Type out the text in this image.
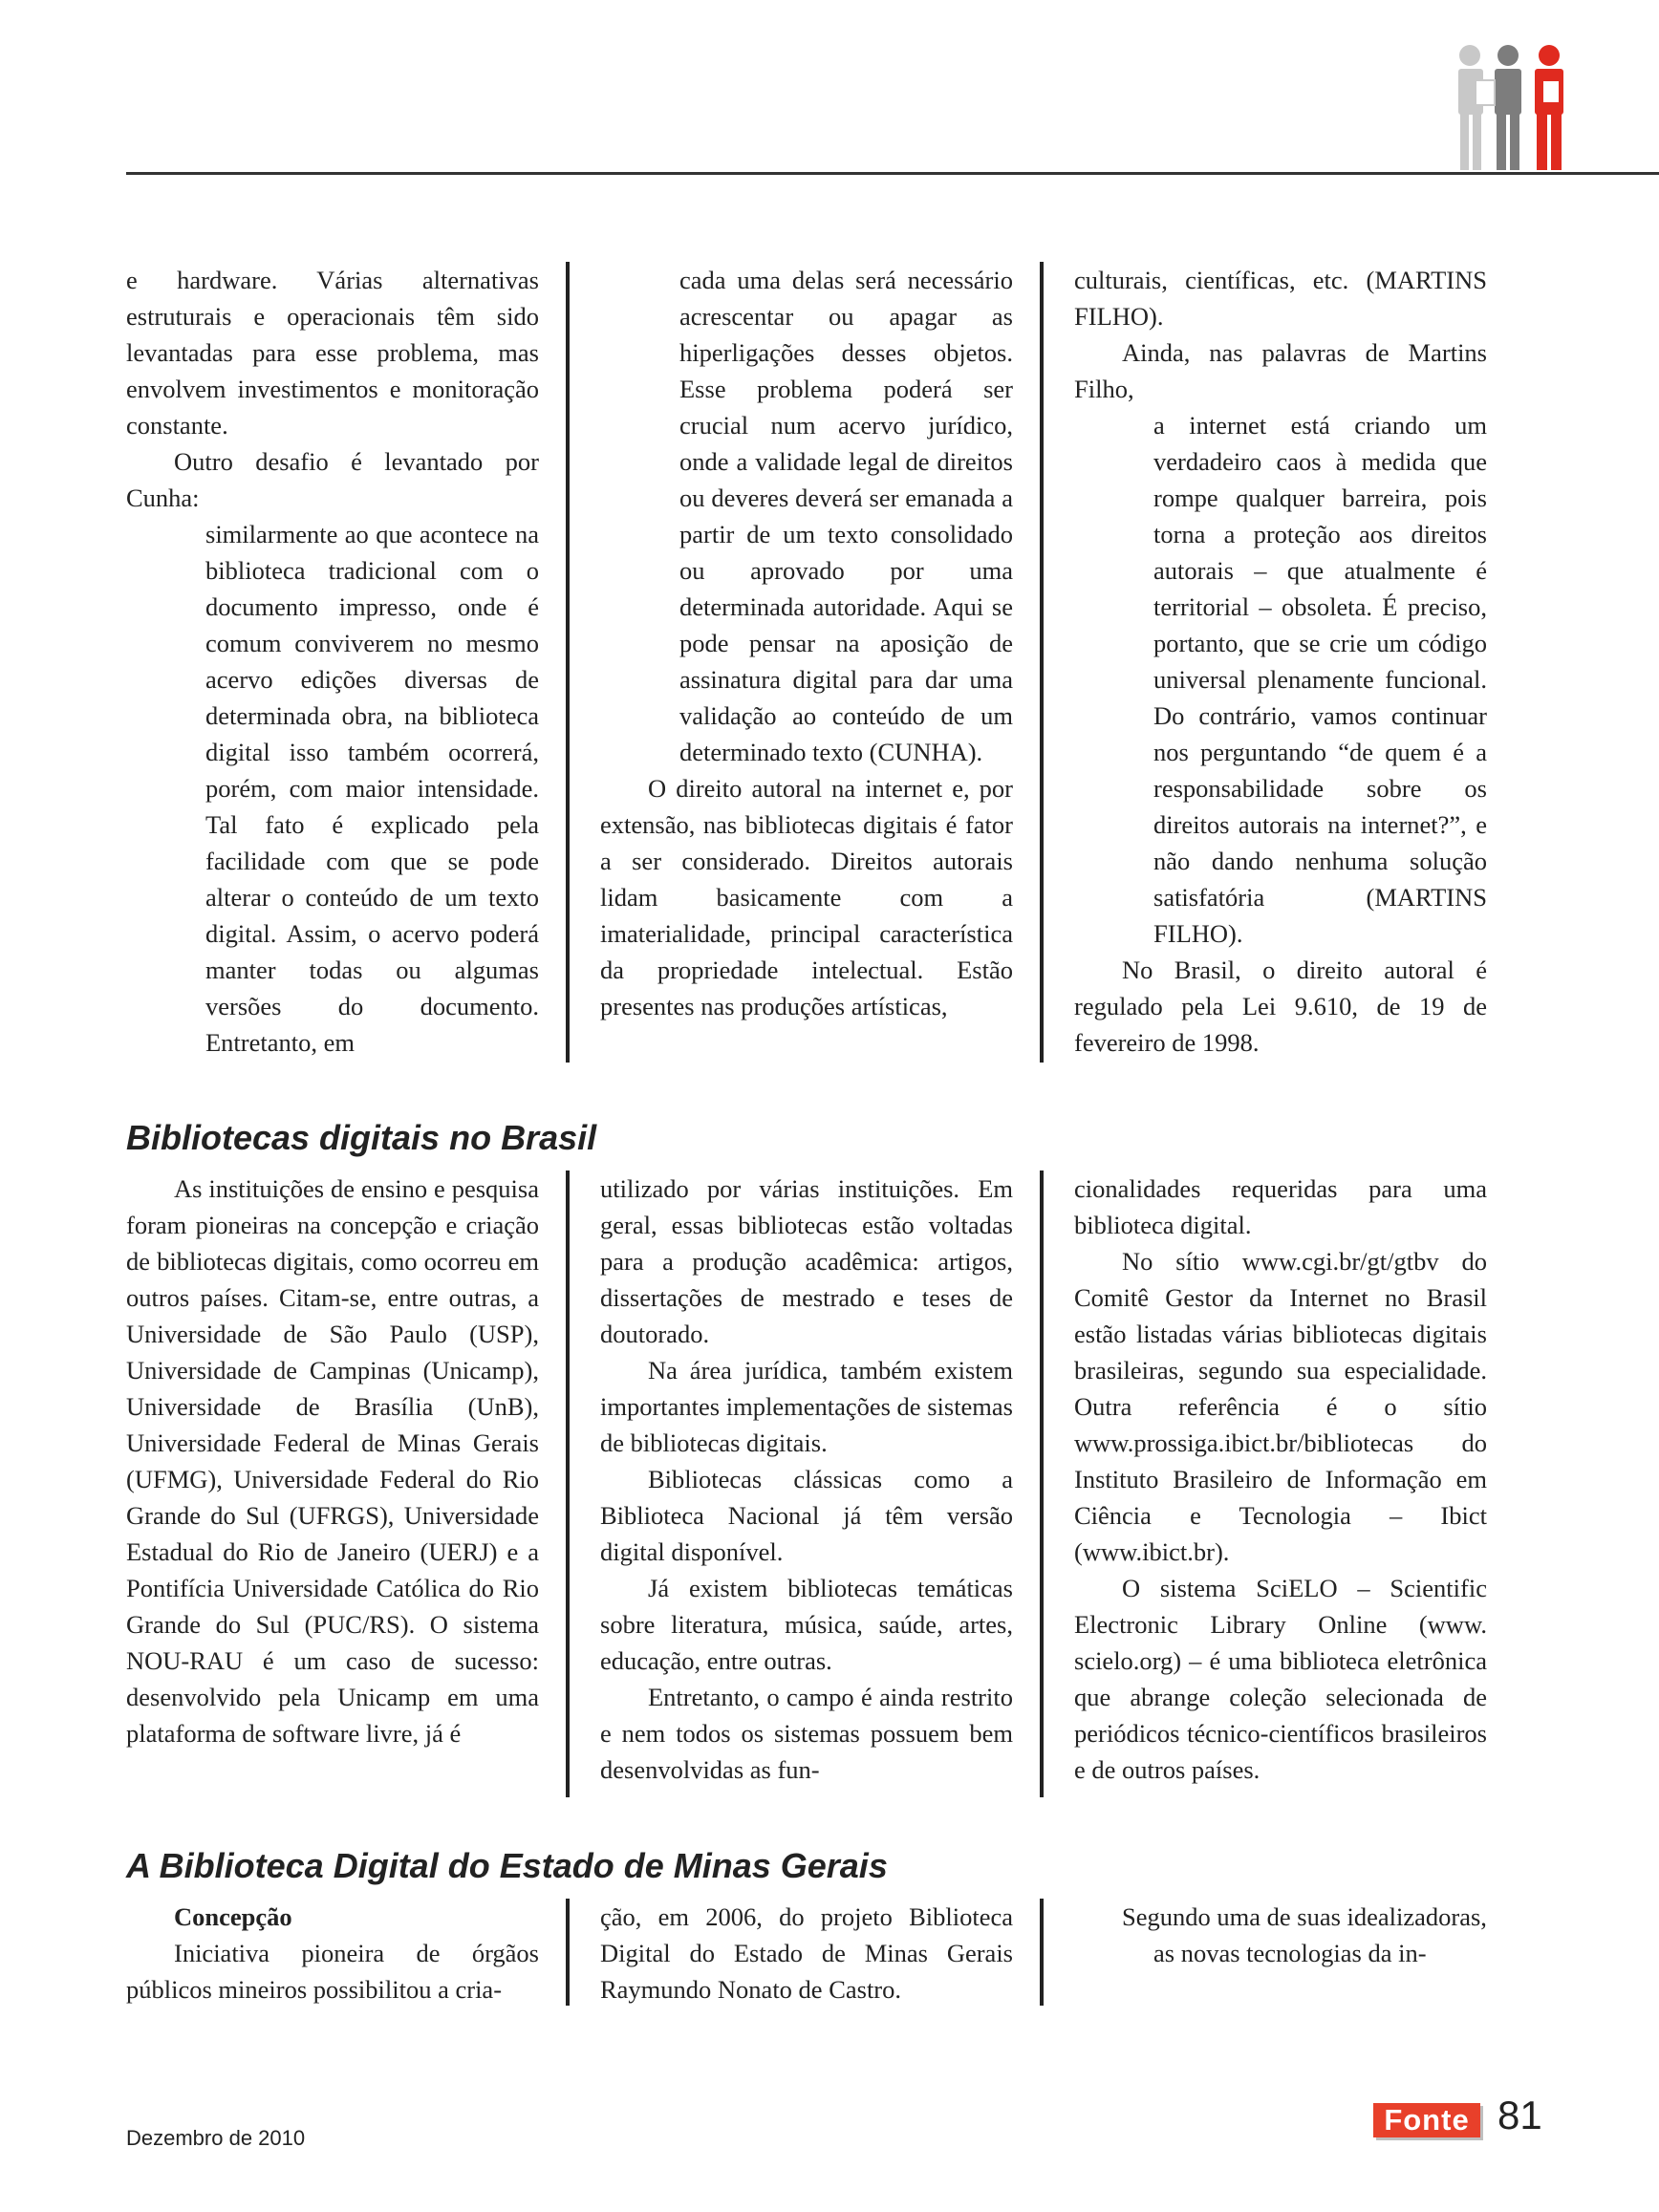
e hardware. Várias alternativas estruturais e operacionais têm sido levantadas para esse problema, mas envolvem investimentos e monitoração constante.

Outro desafio é levantado por Cunha:

similarmente ao que acontece na biblioteca tradicional com o documento impresso, onde é comum conviverem no mesmo acervo edições diversas de determinada obra, na biblioteca digital isso também ocorrerá, porém, com maior intensidade. Tal fato é explicado pela facilidade com que se pode alterar o conteúdo de um texto digital. Assim, o acervo poderá manter todas ou algumas versões do documento. Entretanto, em

cada uma delas será necessário acrescentar ou apagar as hiperligações desses objetos. Esse problema poderá ser crucial num acervo jurídico, onde a validade legal de direitos ou deveres deverá ser emanada a partir de um texto consolidado ou aprovado por uma determinada autoridade. Aqui se pode pensar na aposição de assinatura digital para dar uma validação ao conteúdo de um determinado texto (CUNHA).

O direito autoral na internet e, por extensão, nas bibliotecas digitais é fator a ser considerado. Direitos autorais lidam basicamente com a imaterialidade, principal característica da propriedade intelectual. Estão presentes nas produções artísticas,

culturais, científicas, etc. (MARTINS FILHO).

Ainda, nas palavras de Martins Filho,

a internet está criando um verdadeiro caos à medida que rompe qualquer barreira, pois torna a proteção aos direitos autorais – que atualmente é territorial – obsoleta. É preciso, portanto, que se crie um código universal plenamente funcional. Do contrário, vamos continuar nos perguntando “de quem é a responsabilidade sobre os direitos autorais na internet?”, e não dando nenhuma solução satisfatória (MARTINS FILHO).

No Brasil, o direito autoral é regulado pela Lei 9.610, de 19 de fevereiro de 1998.

Bibliotecas digitais no Brasil

As instituições de ensino e pesquisa foram pioneiras na concepção e criação de bibliotecas digitais, como ocorreu em outros países. Citam-se, entre outras, a Universidade de São Paulo (USP), Universidade de Campinas (Unicamp), Universidade de Brasília (UnB), Universidade Federal de Minas Gerais (UFMG), Universidade Federal do Rio Grande do Sul (UFRGS), Universidade Estadual do Rio de Janeiro (UERJ) e a Pontifícia Universidade Católica do Rio Grande do Sul (PUC/RS). O sistema NOU-RAU é um caso de sucesso: desenvolvido pela Unicamp em uma plataforma de software livre, já é

utilizado por várias instituições. Em geral, essas bibliotecas estão voltadas para a produção acadêmica: artigos, dissertações de mestrado e teses de doutorado.

Na área jurídica, também existem importantes implementações de sistemas de bibliotecas digitais.

Bibliotecas clássicas como a Biblioteca Nacional já têm versão digital disponível.

Já existem bibliotecas temáticas sobre literatura, música, saúde, artes, educação, entre outras.

Entretanto, o campo é ainda restrito e nem todos os sistemas possuem bem desenvolvidas as fun-

cionalidades requeridas para uma biblioteca digital.

No sítio www.cgi.br/gt/gtbv do Comitê Gestor da Internet no Brasil estão listadas várias bibliotecas digitais brasileiras, segundo sua especialidade. Outra referência é o sítio www.prossiga.ibict.br/bibliotecas do Instituto Brasileiro de Informação em Ciência e Tecnologia – Ibict (www.ibict.br).

O sistema SciELO – Scientific Electronic Library Online (www. scielo.org) – é uma biblioteca eletrônica que abrange coleção selecionada de periódicos técnico-científicos brasileiros e de outros países.

A Biblioteca Digital do Estado de Minas Gerais

Concepção

Iniciativa pioneira de órgãos públicos mineiros possibilitou a cria-

ção, em 2006, do projeto Biblioteca Digital do Estado de Minas Gerais Raymundo Nonato de Castro.

Segundo uma de suas idealizadoras,

as novas tecnologias da in-

Dezembro de 2010
Fonte 81
